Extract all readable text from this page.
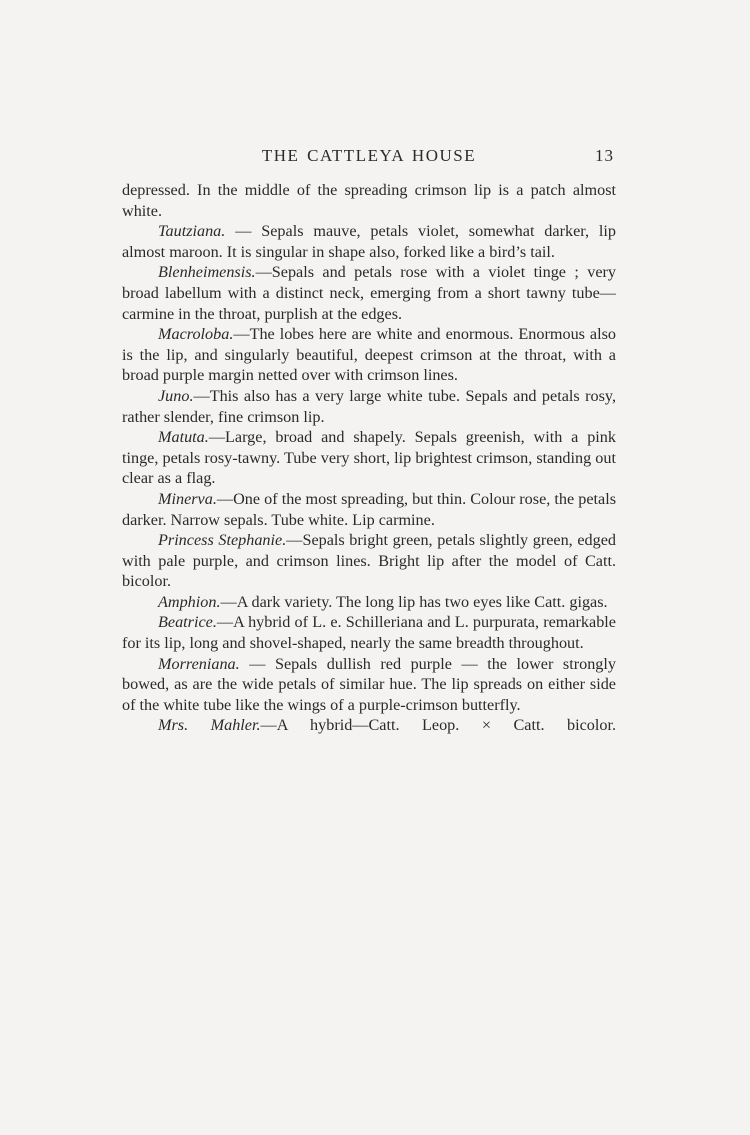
THE CATTLEYA HOUSE	13

depressed. In the middle of the spreading crimson lip is a patch almost white.

Tautziana. — Sepals mauve, petals violet, somewhat darker, lip almost maroon. It is singular in shape also, forked like a bird’s tail.

Blenheimensis.—Sepals and petals rose with a violet tinge ; very broad labellum with a distinct neck, emerging from a short tawny tube—carmine in the throat, purplish at the edges.

Macroloba.—The lobes here are white and enormous. Enormous also is the lip, and singularly beautiful, deepest crimson at the throat, with a broad purple margin netted over with crimson lines.

Juno.—This also has a very large white tube. Sepals and petals rosy, rather slender, fine crimson lip.

Matuta.—Large, broad and shapely. Sepals greenish, with a pink tinge, petals rosy-tawny. Tube very short, lip brightest crimson, standing out clear as a flag.

Minerva.—One of the most spreading, but thin. Colour rose, the petals darker. Narrow sepals. Tube white. Lip carmine.

Princess Stephanie.—Sepals bright green, petals slightly green, edged with pale purple, and crimson lines. Bright lip after the model of Catt. bicolor.

Amphion.—A dark variety. The long lip has two eyes like Catt. gigas.

Beatrice.—A hybrid of L. e. Schilleriana and L. purpurata, remarkable for its lip, long and shovel-shaped, nearly the same breadth throughout.

Morreniana. — Sepals dullish red purple — the lower strongly bowed, as are the wide petals of similar hue. The lip spreads on either side of the white tube like the wings of a purple-crimson butterfly.

Mrs. Mahler.—A hybrid—Catt. Leop. × Catt. bicolor.
